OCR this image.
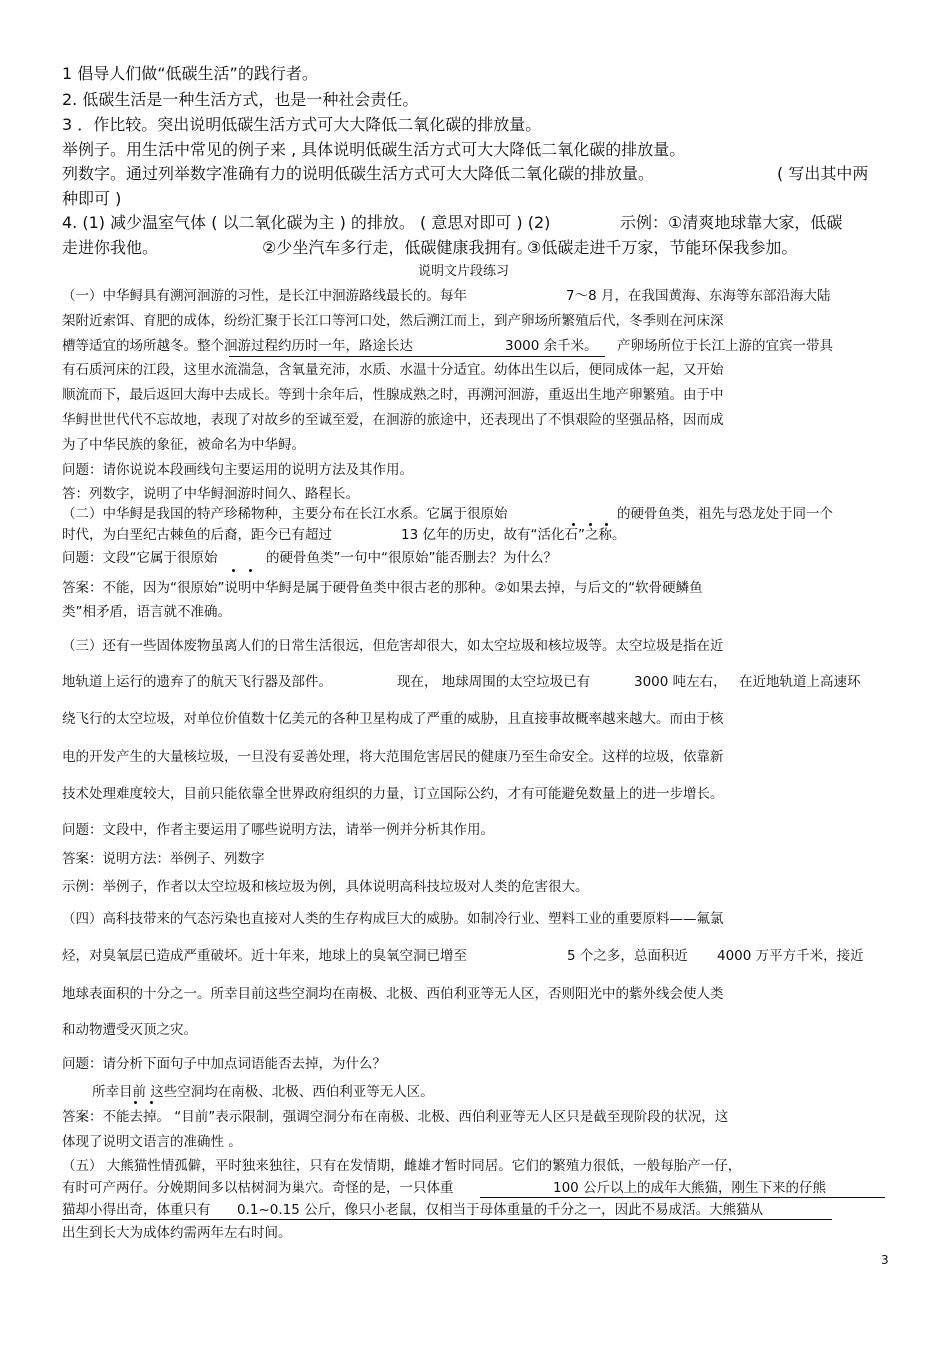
1 倡导人们做“低碳生活”的践行者。
2. 低碳生活是一种生活方式，也是一种社会责任。
3 ．作比较。突出说明低碳生活方式可大大降低二氧化碳的排放量。
举例子。用生活中常见的例子来 , 具体说明低碳生活方式可大大降低二氧化碳的排放量。
列数字。通过列举数字准确有力的说明低碳生活方式可大大降低二氧化碳的排放量。	( 写出其中两
种即可 )
4. (1) 减少温室气体 ( 以二氧化碳为主 ) 的排放。 ( 意思对即可 ) (2)	示例：①清爽地球靠大家，低碳
走进你我他。	②少坐汽车多行走，低碳健康我拥有。
③低碳走进千万家，节能环保我参加。
说明文片段练习
（一）中华鲟具有溯河洄游的习性，是长江中洄游路线最长的。每年	7～8 月，在我国黄海、东海等东部沿海大陆
架附近索饵、育肥的成体，纷纷汇聚于长江口等河口处，然后溯江而上，到产卵场所繁殖后代，冬季则在河床深
槽等适宜的场所越冬。整个洄游过程约历时一年，路途长达	3000 余千米。 产卵场所位于长江上游的宜宾一带具
有石质河床的江段，这里水流湍急，含氧量充沛，水质、水温十分适宜。幼体出生以后，便同成体一起，又开始
顺流而下，最后返回大海中去成长。等到十余年后，性腺成熟之时，再溯河洄游，重返出生地产卵繁殖。由于中
华鲟世世代代不忘故地，表现了对故乡的至诚至爱，在洄游的旅途中，还表现出了不惧艰险的坚强品格，因而成
为了中华民族的象征，被命名为中华鲟。
问题：请你说说本段画线句主要运用的说明方法及其作用。
答：列数字，说明了中华鲟洄游时间久、路程长。
（二）中华鲟是我国的特产珍稀物种，主要分布在长江水系。它属于很原始	的硬骨鱼类，祖先与恐龙处于同一个
时代，为白垩纪古棘鱼的后裔，距今已有超过	13 亿年的历史，故有“活化石”之称。
问题：文段“它属于很原始	的硬骨鱼类”一句中“很原始”能否删去？为什么？
答案：不能，因为“很原始”说明中华鲟是属于硬骨鱼类中很古老的那种。②如果去掉，与后文的“软骨硬鳞鱼
类”相矛盾，语言就不准确。
（三）还有一些固体废物虽离人们的日常生活很远，但危害却很大，如太空垃圾和核垃圾等。太空垃圾是指在近
地轨道上运行的遗弃了的航天飞行器及部件。	现在， 地球周围的太空垃圾已有	3000 吨左右， 在近地轨道上高速环
绕飞行的太空垃圾，对单位价值数十亿美元的各种卫星构成了严重的威胁，且直接事故概率越来越大。而由于核
电的开发产生的大量核垃圾，一旦没有妥善处理，将大范围危害居民的健康乃至生命安全。这样的垃圾，依靠新
技术处理难度较大，目前只能依靠全世界政府组织的力量，订立国际公约，才有可能避免数量上的进一步增长。
问题：文段中，作者主要运用了哪些说明方法，请举一例并分析其作用。
答案：说明方法：举例子、列数字
示例：举例子，作者以太空垃圾和核垃圾为例，具体说明高科技垃圾对人类的危害很大。
（四）高科技带来的气态污染也直接对人类的生存构成巨大的威胁。如制冷行业、塑料工业的重要原料——氟氯
烃，对臭氧层已造成严重破坏。近十年来，地球上的臭氧空洞已增至	5 个之多，总面积近 4000 万平方千米，接近
地球表面积的十分之一。所幸目前这些空洞均在南极、北极、西伯利亚等无人区，否则阳光中的紫外线会使人类
和动物遭受灭顶之灾。
问题：请分析下面句子中加点词语能否去掉，为什么？
所幸目前 这些空洞均在南极、北极、西伯利亚等无人区。
答案：不能去掉。 “目前”表示限制，强调空洞分布在南极、北极、西伯利亚等无人区只是截至现阶段的状况，这
体现了说明文语言的准确性 。
（五） 大熊猫性情孤僻，平时独来独往，只有在发情期，雌雄才暂时同居。它们的繁殖力很低，一般每胎产一仔，
有时可产两仔。分娩期间多以枯树洞为巢穴。奇怪的是，一只体重	100 公斤以上的成年大熊猫，刚生下来的仔熊
猫却小得出奇，体重只有 0.1~0.15 公斤，像只小老鼠，仅相当于母体重量的千分之一，因此不易成活。大熊猫从
出生到长大为成体约需两年左右时间。
3
